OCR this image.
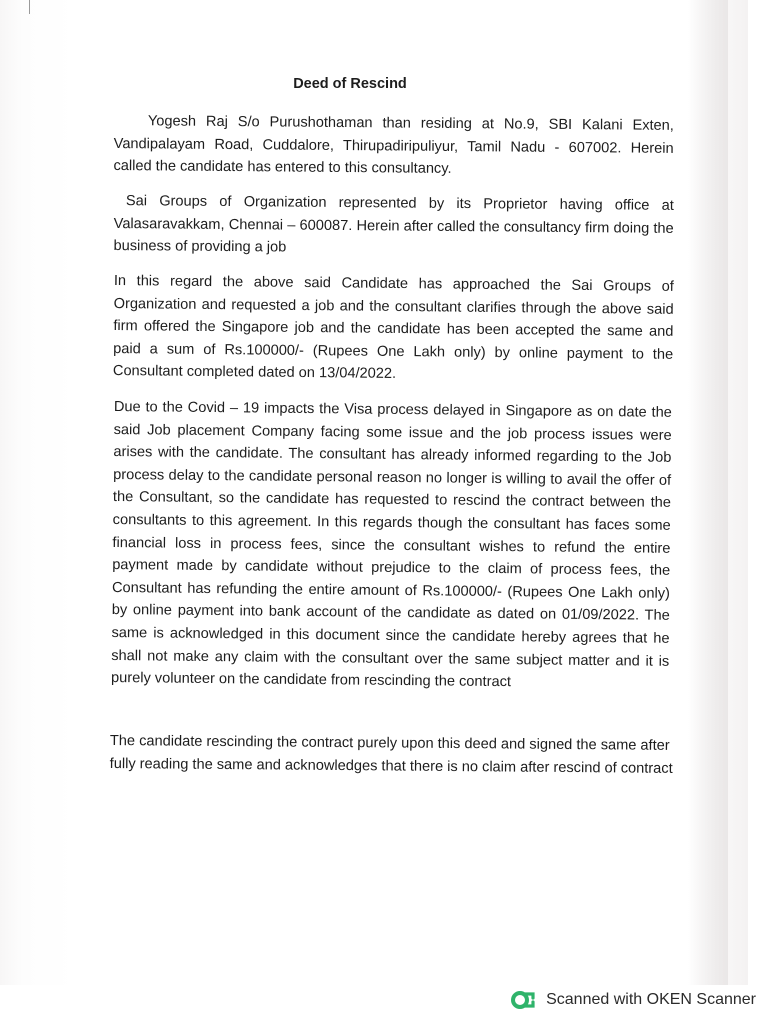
Deed of Rescind
Yogesh Raj S/o Purushothaman than residing at No.9, SBI Kalani Exten, Vandipalayam Road, Cuddalore, Thirupadiripuliyur, Tamil Nadu - 607002. Herein called the candidate has entered to this consultancy.
Sai Groups of Organization represented by its Proprietor having office at Valasaravakkam, Chennai – 600087. Herein after called the consultancy firm doing the business of providing a job
In this regard the above said Candidate has approached the Sai Groups of Organization and requested a job and the consultant clarifies through the above said firm offered the Singapore job and the candidate has been accepted the same and paid a sum of Rs.100000/- (Rupees One Lakh only) by online payment to the Consultant completed dated on 13/04/2022.
Due to the Covid – 19 impacts the Visa process delayed in Singapore as on date the said Job placement Company facing some issue and the job process issues were arises with the candidate. The consultant has already informed regarding to the Job process delay to the candidate personal reason no longer is willing to avail the offer of the Consultant, so the candidate has requested to rescind the contract between the consultants to this agreement. In this regards though the consultant has faces some financial loss in process fees, since the consultant wishes to refund the entire payment made by candidate without prejudice to the claim of process fees, the Consultant has refunding the entire amount of Rs.100000/- (Rupees One Lakh only) by online payment into bank account of the candidate as dated on 01/09/2022. The same is acknowledged in this document since the candidate hereby agrees that he shall not make any claim with the consultant over the same subject matter and it is purely volunteer on the candidate from rescinding the contract
The candidate rescinding the contract purely upon this deed and signed the same after fully reading the same and acknowledges that there is no claim after rescind of contract
Scanned with OKEN Scanner
